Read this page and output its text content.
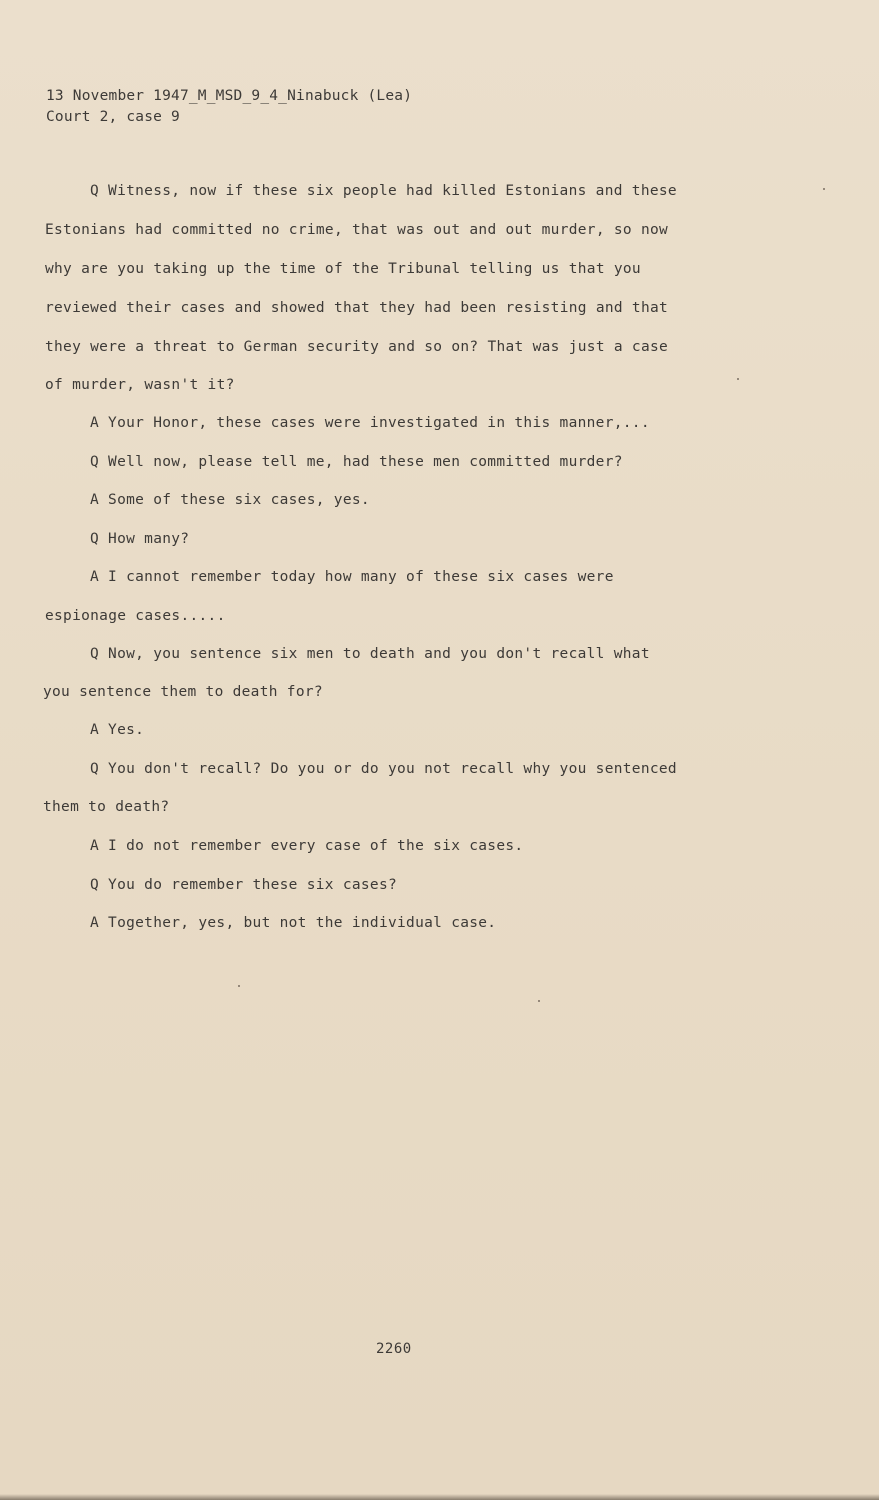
13 November 1947_M_MSD_9_4_Ninabuck (Lea)
Court 2, case 9
Q Witness, now if these six people had killed Estonians and these
Estonians had committed no crime, that was out and out murder, so now
why are you taking up the time of the Tribunal telling us that you
reviewed their cases and showed that they had been resisting and that
they were a threat to German security and so on? That was just a case
of murder, wasn't it?
A Your Honor, these cases were investigated in this manner,...
Q Well now, please tell me, had these men committed murder?
A Some of these six cases, yes.
Q How many?
A I cannot remember today how many of these six cases were
espionage cases.....
Q Now, you sentence six men to death and you don't recall what
you sentence them to death for?
A Yes.
Q You don't recall? Do you or do you not recall why you sentenced
them to death?
A I do not remember every case of the six cases.
Q You do remember these six cases?
A Together, yes, but not the individual case.
2260
